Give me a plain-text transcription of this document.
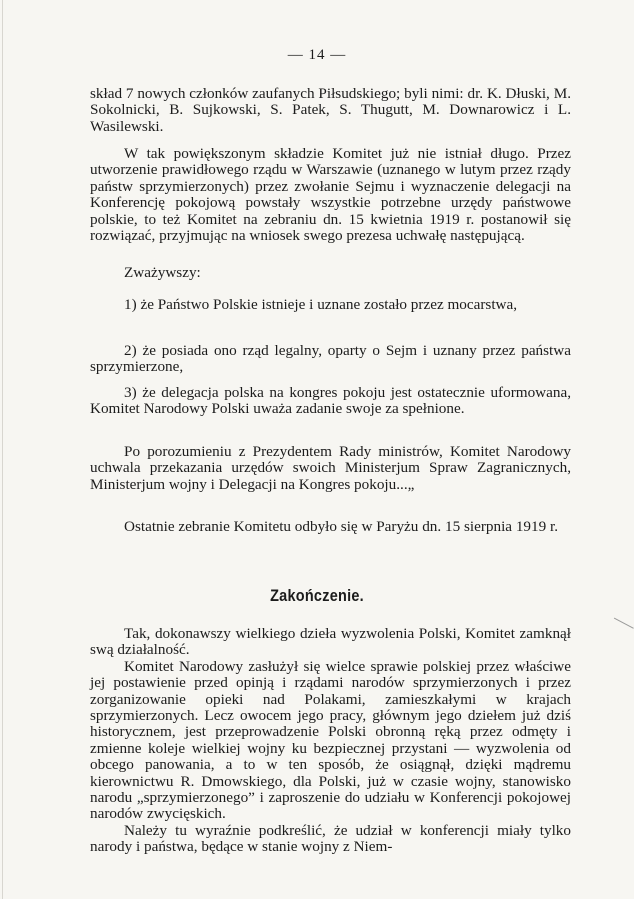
— 14 —

skład 7 nowych członków zaufanych Piłsudskiego; byli nimi: dr. K. Dłuski, M. Sokolnicki, B. Sujkowski, S. Patek, S. Thugutt, M. Downarowicz i L. Wasilewski.

W tak powiększonym składzie Komitet już nie istniał długo. Przez utworzenie prawidłowego rządu w Warszawie (uznanego w lutym przez rządy państw sprzymierzonych) przez zwołanie Sejmu i wyznaczenie delegacji na Konferencję pokojową powstały wszystkie potrzebne urzędy państwowe polskie, to też Komitet na zebraniu dn. 15 kwietnia 1919 r. postanowił się rozwiązać, przyjmując na wniosek swego prezesa uchwałę następującą.

Zważywszy:

1) że Państwo Polskie istnieje i uznane zostało przez mocarstwa,

2) że posiada ono rząd legalny, oparty o Sejm i uznany przez państwa sprzymierzone,

3) że delegacja polska na kongres pokoju jest ostatecznie uformowana, Komitet Narodowy Polski uważa zadanie swoje za spełnione.

Po porozumieniu z Prezydentem Rady ministrów, Komitet Narodowy uchwala przekazania urzędów swoich Ministerjum Spraw Zagranicznych, Ministerjum wojny i Delegacji na Kongres pokoju...„

Ostatnie zebranie Komitetu odbyło się w Paryżu dn. 15 sierpnia 1919 r.

Zakończenie.

Tak, dokonawszy wielkiego dzieła wyzwolenia Polski, Komitet zamknął swą działalność.

Komitet Narodowy zasłużył się wielce sprawie polskiej przez właściwe jej postawienie przed opinją i rządami narodów sprzymierzonych i przez zorganizowanie opieki nad Polakami, zamieszkałymi w krajach sprzymierzonych. Lecz owocem jego pracy, głównym jego dziełem już dziś historycznem, jest przeprowadzenie Polski obronną ręką przez odmęty i zmienne koleje wielkiej wojny ku bezpiecznej przystani — wyzwolenia od obcego panowania, a to w ten sposób, że osiągnął, dzięki mądremu kierownictwu R. Dmowskiego, dla Polski, już w czasie wojny, stanowisko narodu „sprzymierzonego” i zaproszenie do udziału w Konferencji pokojowej narodów zwycięskich.

Należy tu wyraźnie podkreślić, że udział w konferencji miały tylko narody i państwa, będące w stanie wojny z Niem-
